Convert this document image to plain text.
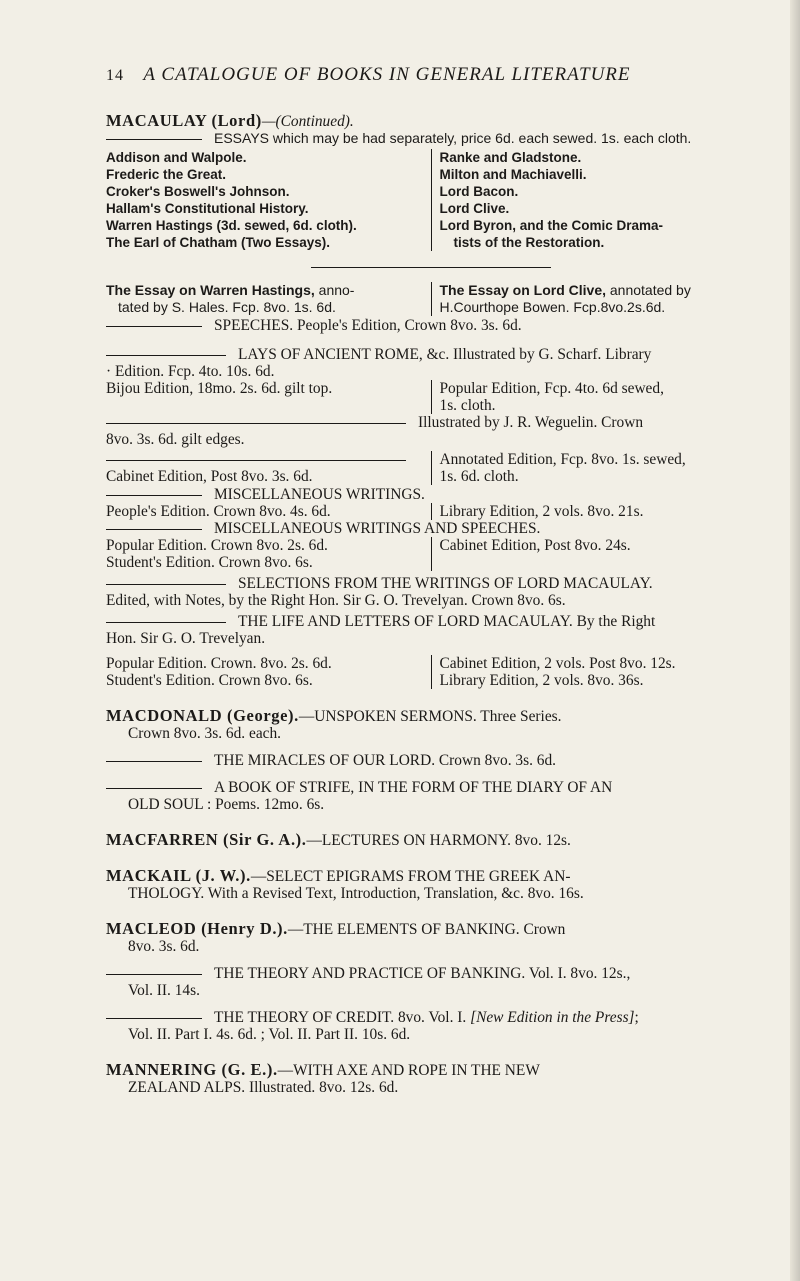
14 A CATALOGUE OF BOOKS IN GENERAL LITERATURE
MACAULAY (Lord)—(Continued).
ESSAYS which may be had separately, price 6d. each sewed. 1s. each cloth.
Addison and Walpole.
Frederic the Great.
Croker's Boswell's Johnson.
Hallam's Constitutional History.
Warren Hastings (3d. sewed, 6d. cloth).
The Earl of Chatham (Two Essays).
Ranke and Gladstone.
Milton and Machiavelli.
Lord Bacon.
Lord Clive.
Lord Byron, and the Comic Drama-
tists of the Restoration.
The Essay on Warren Hastings, anno-
tated by S. Hales. Fcp. 8vo. 1s. 6d.
The Essay on Lord Clive, annotated by
H.Courthope Bowen. Fcp.8vo.2s.6d.
SPEECHES. People's Edition, Crown 8vo. 3s. 6d.
LAYS OF ANCIENT ROME, &c. Illustrated by G. Scharf. Library
· Edition. Fcp. 4to. 10s. 6d.
Bijou Edition, 18mo. 2s. 6d. gilt top.	Popular Edition, Fcp. 4to. 6d sewed,
1s. cloth.
Illustrated by J. R. Weguelin. Crown
8vo. 3s. 6d. gilt edges.
Cabinet Edition, Post 8vo. 3s. 6d.
Annotated Edition, Fcp. 8vo. 1s. sewed,
1s. 6d. cloth.
MISCELLANEOUS WRITINGS.
People's Edition. Crown 8vo. 4s. 6d.	Library Edition, 2 vols. 8vo. 21s.
MISCELLANEOUS WRITINGS AND SPEECHES.
Popular Edition. Crown 8vo. 2s. 6d.
Student's Edition. Crown 8vo. 6s.
Cabinet Edition, Post 8vo. 24s.

SELECTIONS FROM THE WRITINGS OF LORD MACAULAY.
Edited, with Notes, by the Right Hon. Sir G. O. Trevelyan. Crown 8vo. 6s.
THE LIFE AND LETTERS OF LORD MACAULAY. By the Right
Hon. Sir G. O. Trevelyan.
Popular Edition. Crown. 8vo. 2s. 6d.
Student's Edition. Crown 8vo. 6s.
Cabinet Edition, 2 vols. Post 8vo. 12s.
Library Edition, 2 vols. 8vo. 36s.
MACDONALD (George).—UNSPOKEN SERMONS. Three Series.
Crown 8vo. 3s. 6d. each.
THE MIRACLES OF OUR LORD. Crown 8vo. 3s. 6d.
A BOOK OF STRIFE, IN THE FORM OF THE DIARY OF AN
OLD SOUL : Poems. 12mo. 6s.
MACFARREN (Sir G. A.).—LECTURES ON HARMONY. 8vo. 12s.
MACKAIL (J. W.).—SELECT EPIGRAMS FROM THE GREEK AN-
THOLOGY. With a Revised Text, Introduction, Translation, &c. 8vo. 16s.
MACLEOD (Henry D.).—THE ELEMENTS OF BANKING. Crown
8vo. 3s. 6d.
THE THEORY AND PRACTICE OF BANKING. Vol. I. 8vo. 12s.,
Vol. II. 14s.
THE THEORY OF CREDIT. 8vo. Vol. I. [New Edition in the Press];
Vol. II. Part I. 4s. 6d. ; Vol. II. Part II. 10s. 6d.
MANNERING (G. E.).—WITH AXE AND ROPE IN THE NEW
ZEALAND ALPS. Illustrated. 8vo. 12s. 6d.
